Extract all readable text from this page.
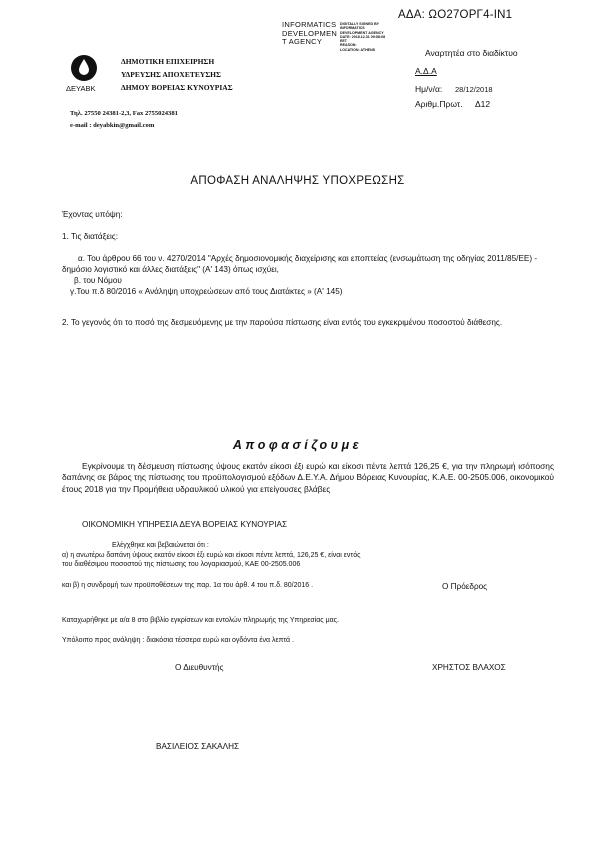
ΑΔΑ: ΩΟ27ΟΡΓ4-ΙΝ1
INFORMATICS
DEVELOPMEN
T AGENCY
DIGITALLY SIGNED BY
INFORMATICS
DEVELOPMENT AGENCY
DATE: 2018.12.31 09:58:08
EET
REASON:
LOCATION: ATHENS
ΔΕΥΑΒΚ
ΔΗΜΟΤΙΚΗ ΕΠΙΧΕΙΡΗΣΗ
ΥΔΡΕΥΣΗΣ ΑΠΟΧΕΤΕΥΣΗΣ
ΔΗΜΟΥ ΒΟΡΕΙΑΣ ΚΥΝΟΥΡΙΑΣ
Τηλ. 27550 24381-2,3, Fax 2755024381
e-mail : deyabkin@gmail.com
Αναρτητέα στο διαδίκτυο
Α.Δ.Α
Ημ/ν/α: 28/12/2018
Αριθμ.Πρωτ. Δ12
ΑΠΟΦΑΣΗ ΑΝΑΛΗΨΗΣ ΥΠΟΧΡΕΩΣΗΣ
Έχοντας υπόψη:
1. Τις διατάξεις:
α. Του άρθρου 66 του ν. 4270/2014 "Αρχές δημοσιονομικής διαχείρισης και εποπτείας (ενσωμάτωση της οδηγίας 2011/85/ΕΕ) - δημόσιο λογιστικό και άλλες διατάξεις" (Α' 143) όπως ισχύει,
β. του Νόμου
γ.Του π.δ 80/2016 « Ανάληψη υποχρεώσεων από τους Διατάκτες » (Α' 145)
2. Το γεγονός ότι το ποσό της δεσμευόμενης με την παρούσα πίστωσης είναι εντός του εγκεκριμένου ποσοστού διάθεσης.
Αποφασίζουμε
Εγκρίνουμε τη δέσμευση πίστωσης ύψους εκατόν είκοσι έξι ευρώ και είκοσι πέντε λεπτά 126,25 €, για την πληρωμή ισόποσης δαπάνης σε βάρος της πίστωσης του προϋπολογισμού εξόδων Δ.Ε.Υ.Α. Δήμου Βόρειας Κυνουρίας, Κ.Α.Ε. 00-2505.006, οικονομικού έτους 2018 για την Προμήθεια υδραυλικού υλικού για επείγουσες βλάβες
ΟΙΚΟΝΟΜΙΚΗ ΥΠΗΡΕΣΙΑ ΔΕΥΑ ΒΟΡΕΙΑΣ ΚΥΝΟΥΡΙΑΣ
Ελέγχθηκε και βεβαιώνεται ότι :
α) η ανωτέρω δαπάνη ύψους εκατόν είκοσι έξι ευρώ και είκοσι πέντε λεπτά, 126,25 €, είναι εντός του διαθέσιμου ποσοστού της πίστωσης του λογαριασμού, ΚΑΕ 00-2505.006
και β) η συνδρομή των προϋποθέσεων της παρ. 1α του άρθ. 4 του π.δ. 80/2016 .
Καταχωρήθηκε με α/α 8 στο βιβλίο εγκρίσεων και εντολών πληρωμής της Υπηρεσίας μας.
Υπόλοιπο προς ανάληψη : διακόσια τέσσερα ευρώ και ογδόντα ένα λεπτά .
Ο Πρόεδρος
Ο Διευθυντής	ΧΡΗΣΤΟΣ ΒΛΑΧΟΣ
ΒΑΣΙΛΕΙΟΣ ΣΑΚΑΛΗΣ
